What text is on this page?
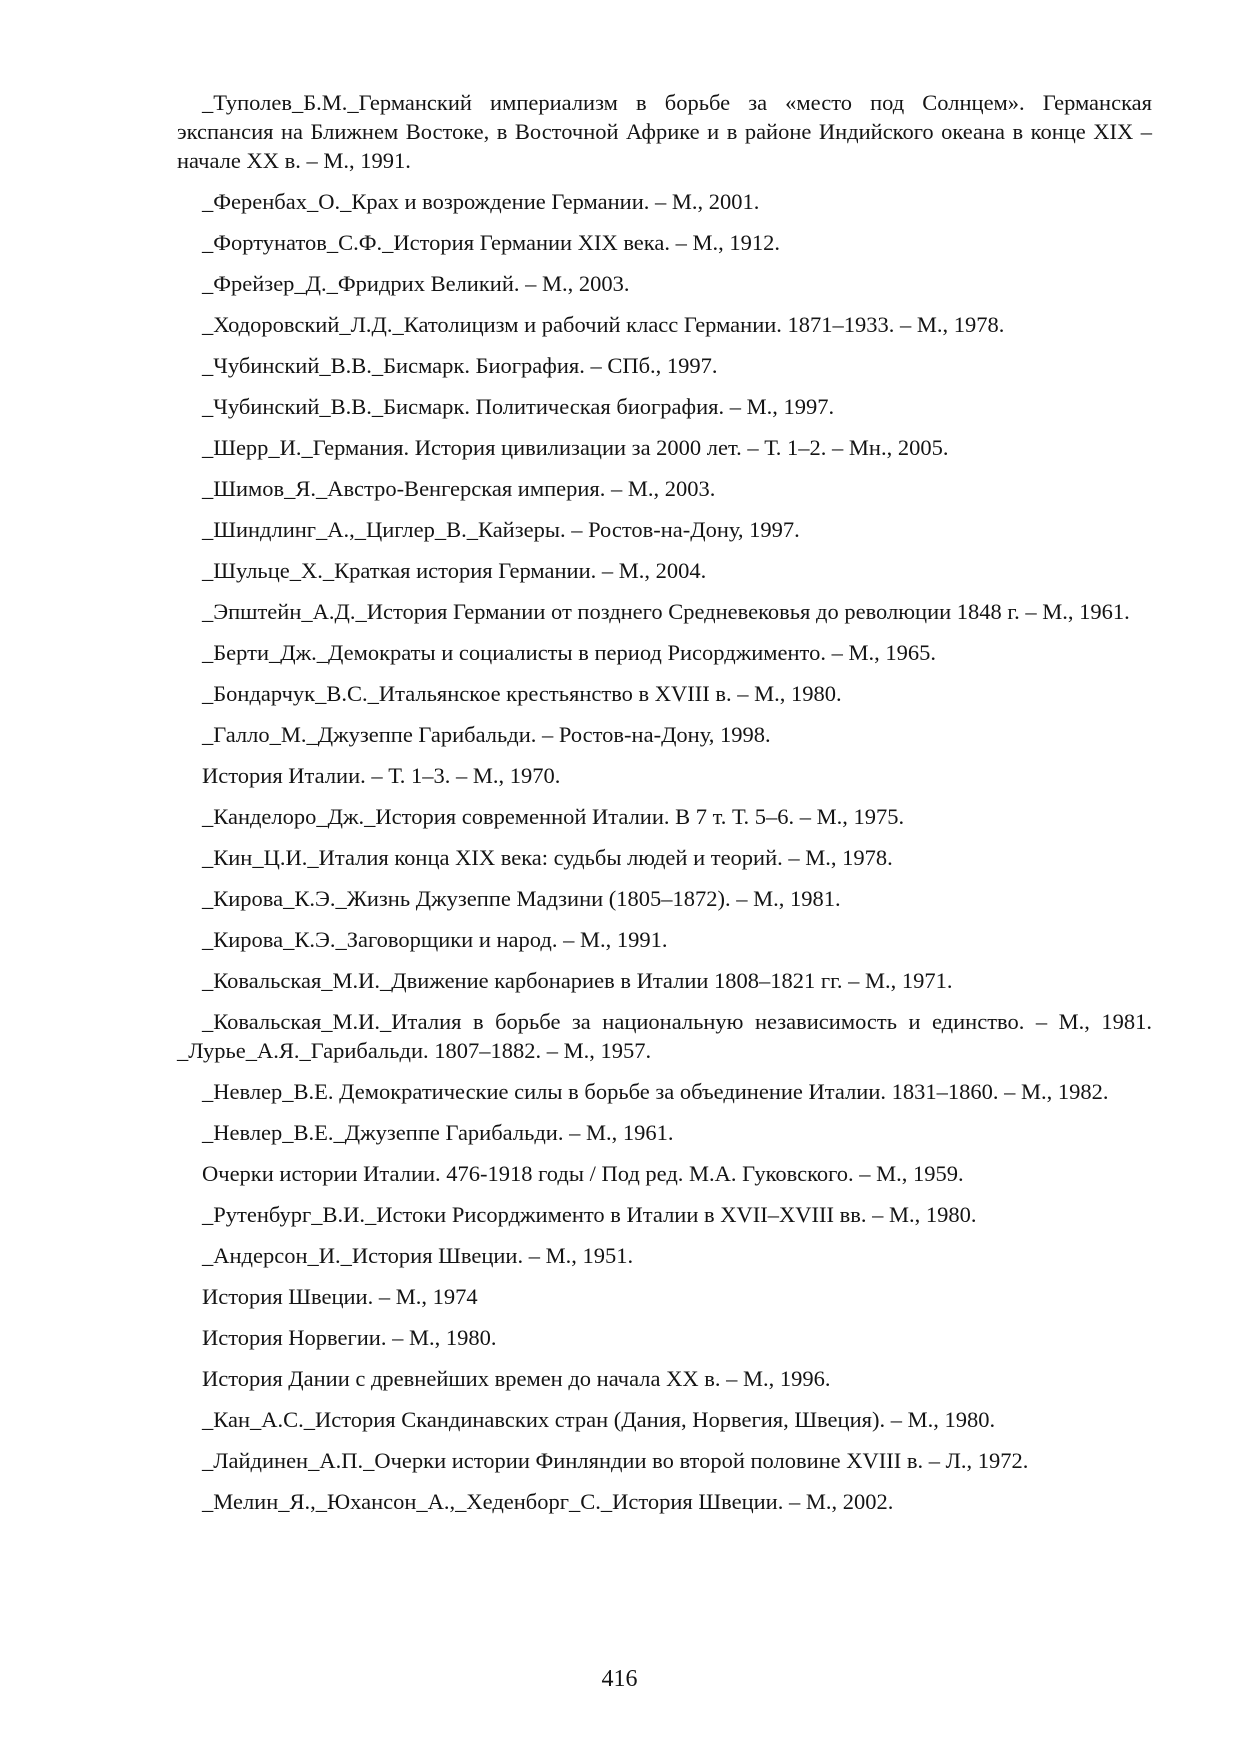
_Туполев_Б.М._Германский империализм в борьбе за «место под Солнцем». Германская экспансия на Ближнем Востоке, в Восточной Африке и в районе Индийского океана в конце XIX – начале XX в. – М., 1991.
_Ференбах_О._Крах и возрождение Германии. – М., 2001.
_Фортунатов_С.Ф._История Германии XIX века. – М., 1912.
_Фрейзер_Д._Фридрих Великий. – М., 2003.
_Ходоровский_Л.Д._Католицизм и рабочий класс Германии. 1871–1933. – М., 1978.
_Чубинский_В.В._Бисмарк. Биография. – СПб., 1997.
_Чубинский_В.В._Бисмарк. Политическая биография. – М., 1997.
_Шерр_И._Германия. История цивилизации за 2000 лет. – Т. 1–2. – Мн., 2005.
_Шимов_Я._Австро-Венгерская империя. – М., 2003.
_Шиндлинг_А.,_Циглер_В._Кайзеры. – Ростов-на-Дону, 1997.
_Шульце_Х._Краткая история Германии. – М., 2004.
_Эпштейн_А.Д._История Германии от позднего Средневековья до революции 1848 г. – М., 1961.
_Берти_Дж._Демократы и социалисты в период Рисорджименто. – М., 1965.
_Бондарчук_В.С._Итальянское крестьянство в XVIII в. – М., 1980.
_Галло_М._Джузеппе Гарибальди. – Ростов-на-Дону, 1998.
История Италии. – Т. 1–3. – М., 1970.
_Канделоро_Дж._История современной Италии. В 7 т. Т. 5–6. – М., 1975.
_Кин_Ц.И._Италия конца XIX века: судьбы людей и теорий. – М., 1978.
_Кирова_К.Э._Жизнь Джузеппе Мадзини (1805–1872). – М., 1981.
_Кирова_К.Э._Заговорщики и народ. – М., 1991.
_Ковальская_М.И._Движение карбонариев в Италии 1808–1821 гг. – М., 1971.
_Ковальская_М.И._Италия в борьбе за национальную независимость и единство. – М., 1981. _Лурье_А.Я._Гарибальди. 1807–1882. – М., 1957.
_Невлер_В.Е. Демократические силы в борьбе за объединение Италии. 1831–1860. – М., 1982.
_Невлер_В.Е._Джузеппе Гарибальди. – М., 1961.
Очерки истории Италии. 476-1918 годы / Под ред. М.А. Гуковского. – М., 1959.
_Рутенбург_В.И._Истоки Рисорджименто в Италии в XVII–XVIII вв. – М., 1980.
_Андерсон_И._История Швеции. – М., 1951.
История Швеции. – М., 1974
История Норвегии. – М., 1980.
История Дании с древнейших времен до начала XX в. – М., 1996.
_Кан_А.С._История Скандинавских стран (Дания, Норвегия, Швеция). – М., 1980.
_Лайдинен_А.П._Очерки истории Финляндии во второй половине XVIII в. – Л., 1972.
_Мелин_Я.,_Юхансон_А.,_Хеденборг_С._История Швеции. – М., 2002.
416
